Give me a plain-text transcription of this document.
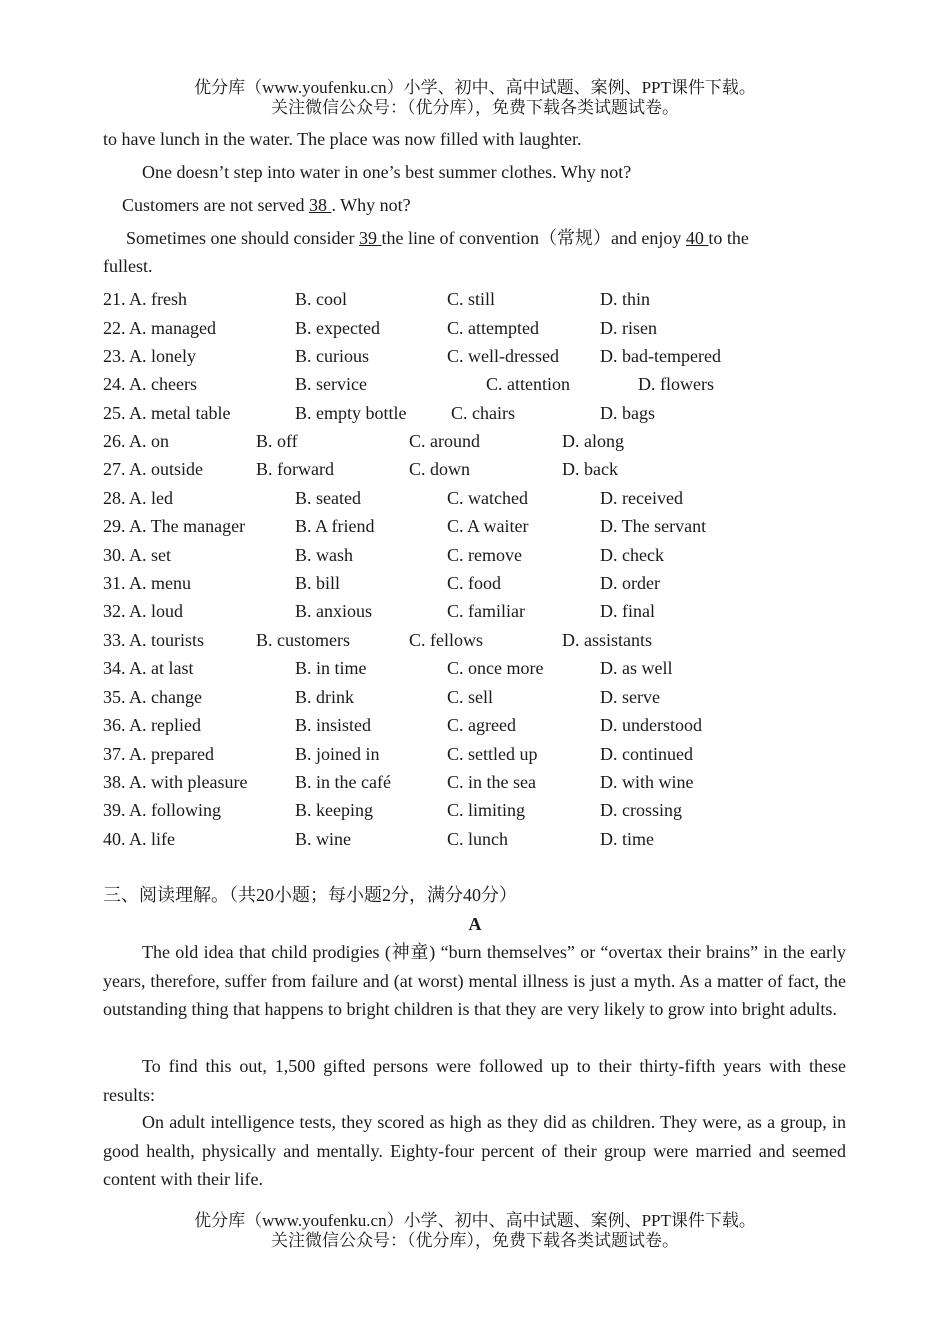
优分库（www.youfenku.cn）小学、初中、高中试题、案例、PPT课件下载。
关注微信公众号：（优分库），免费下载各类试题试卷。
to have lunch in the water. The place was now filled with laughter.
One doesn’t step into water in one’s best summer clothes. Why not?
Customers are not served 38 . Why not?
Sometimes one should consider 39 the line of convention（常规）and enjoy 40 to the
fullest.
21. A. fresh	B. cool	C. still	D. thin
22. A. managed	B. expected	C. attempted	D. risen
23. A. lonely	B. curious	C. well-dressed D. bad-tempered
24. A. cheers	B. service	C. attention	D. flowers
25. A. metal table	B. empty bottle C. chairs	D. bags
26. A. on	B. off	C. around	D. along
27. A. outside	B. forward	C. down	D. back
28. A. led	B. seated	C. watched	D. received
29. A. The manager	B. A friend	C. A waiter	D. The servant
30. A. set	B. wash	C. remove	D. check
31. A. menu	B. bill	C. food	D. order
32. A. loud	B. anxious	C. familiar	D. final
33. A. tourists	B. customers	C. fellows	D. assistants
34. A. at last	B. in time	C. once more	D. as well
35. A. change	B. drink	C. sell	D. serve
36. A. replied	B. insisted	C. agreed	D. understood
37. A. prepared	B. joined in	C. settled up	D. continued
38. A. with pleasure	B. in the café	C. in the sea	D. with wine
39. A. following	B. keeping	C. limiting	D. crossing
40. A. life	B. wine	C. lunch	D. time
三、阅读理解。（共20小题；每小题2分，满分40分）
A
The old idea that child prodigies (神童) “burn themselves” or “overtax their brains” in the early years, therefore, suffer from failure and (at worst) mental illness is just a myth. As a matter of fact, the outstanding thing that happens to bright children is that they are very likely to grow into bright adults.
To find this out, 1,500 gifted persons were followed up to their thirty-fifth years with these results:
On adult intelligence tests, they scored as high as they did as children. They were, as a group, in good health, physically and mentally. Eighty-four percent of their group were married and seemed content with their life.
优分库（www.youfenku.cn）小学、初中、高中试题、案例、PPT课件下载。
关注微信公众号：（优分库），免费下载各类试题试卷。
